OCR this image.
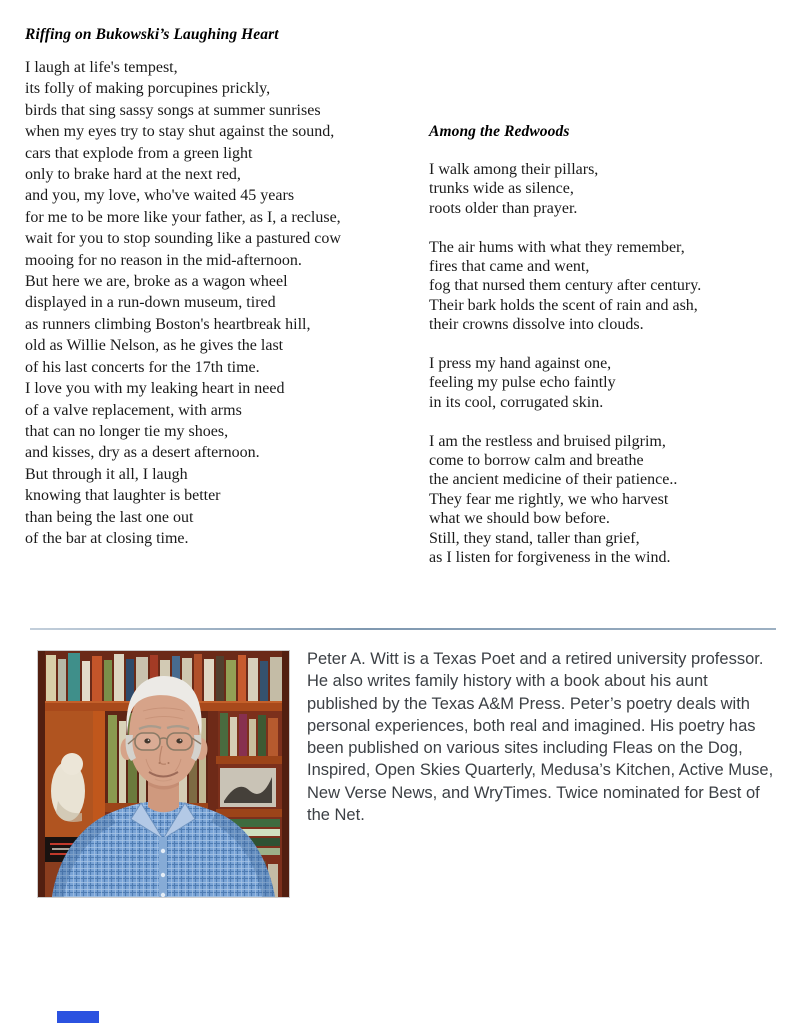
Riffing on Bukowski’s Laughing Heart
I laugh at life's tempest,
its folly of making porcupines prickly,
birds that sing sassy songs at summer sunrises
when my eyes try to stay shut against the sound,
cars that explode from a green light
only to brake hard at the next red,
and you, my love, who've waited 45 years
for me to be more like your father, as I, a recluse,
wait for you to stop sounding like a pastured cow
mooing for no reason in the mid-afternoon.
But here we are, broke as a wagon wheel
displayed in a run-down museum, tired
as runners climbing Boston's heartbreak hill,
old as Willie Nelson, as he gives the last
of his last concerts for the 17th time.
I love you with my leaking heart in need
of a valve replacement, with arms
that can no longer tie my shoes,
and kisses, dry as a desert afternoon.
But through it all, I laugh
knowing that laughter is better
than being the last one out
of the bar at closing time.
Among the Redwoods
I walk among their pillars,
trunks wide as silence,
roots older than prayer.
The air hums with what they remember,
fires that came and went,
fog that nursed them century after century.
Their bark holds the scent of rain and ash,
their crowns dissolve into clouds.
I press my hand against one,
feeling my pulse echo faintly
in its cool, corrugated skin.
I am the restless and bruised pilgrim,
come to borrow calm and breathe
the ancient medicine of their patience..
They fear me rightly, we who harvest
what we should bow before.
Still, they stand, taller than grief,
as I listen for forgiveness in the wind.

Peter A. Witt is a Texas Poet and a retired university professor. He also writes family history with a book about his aunt published by the Texas A&M Press. Peter’s poetry deals with personal experiences, both real and imagined. His poetry has been published on various sites including Fleas on the Dog, Inspired, Open Skies Quarterly, Medusa’s Kitchen, Active Muse, New Verse News, and WryTimes. Twice nominated for Best of the Net.
